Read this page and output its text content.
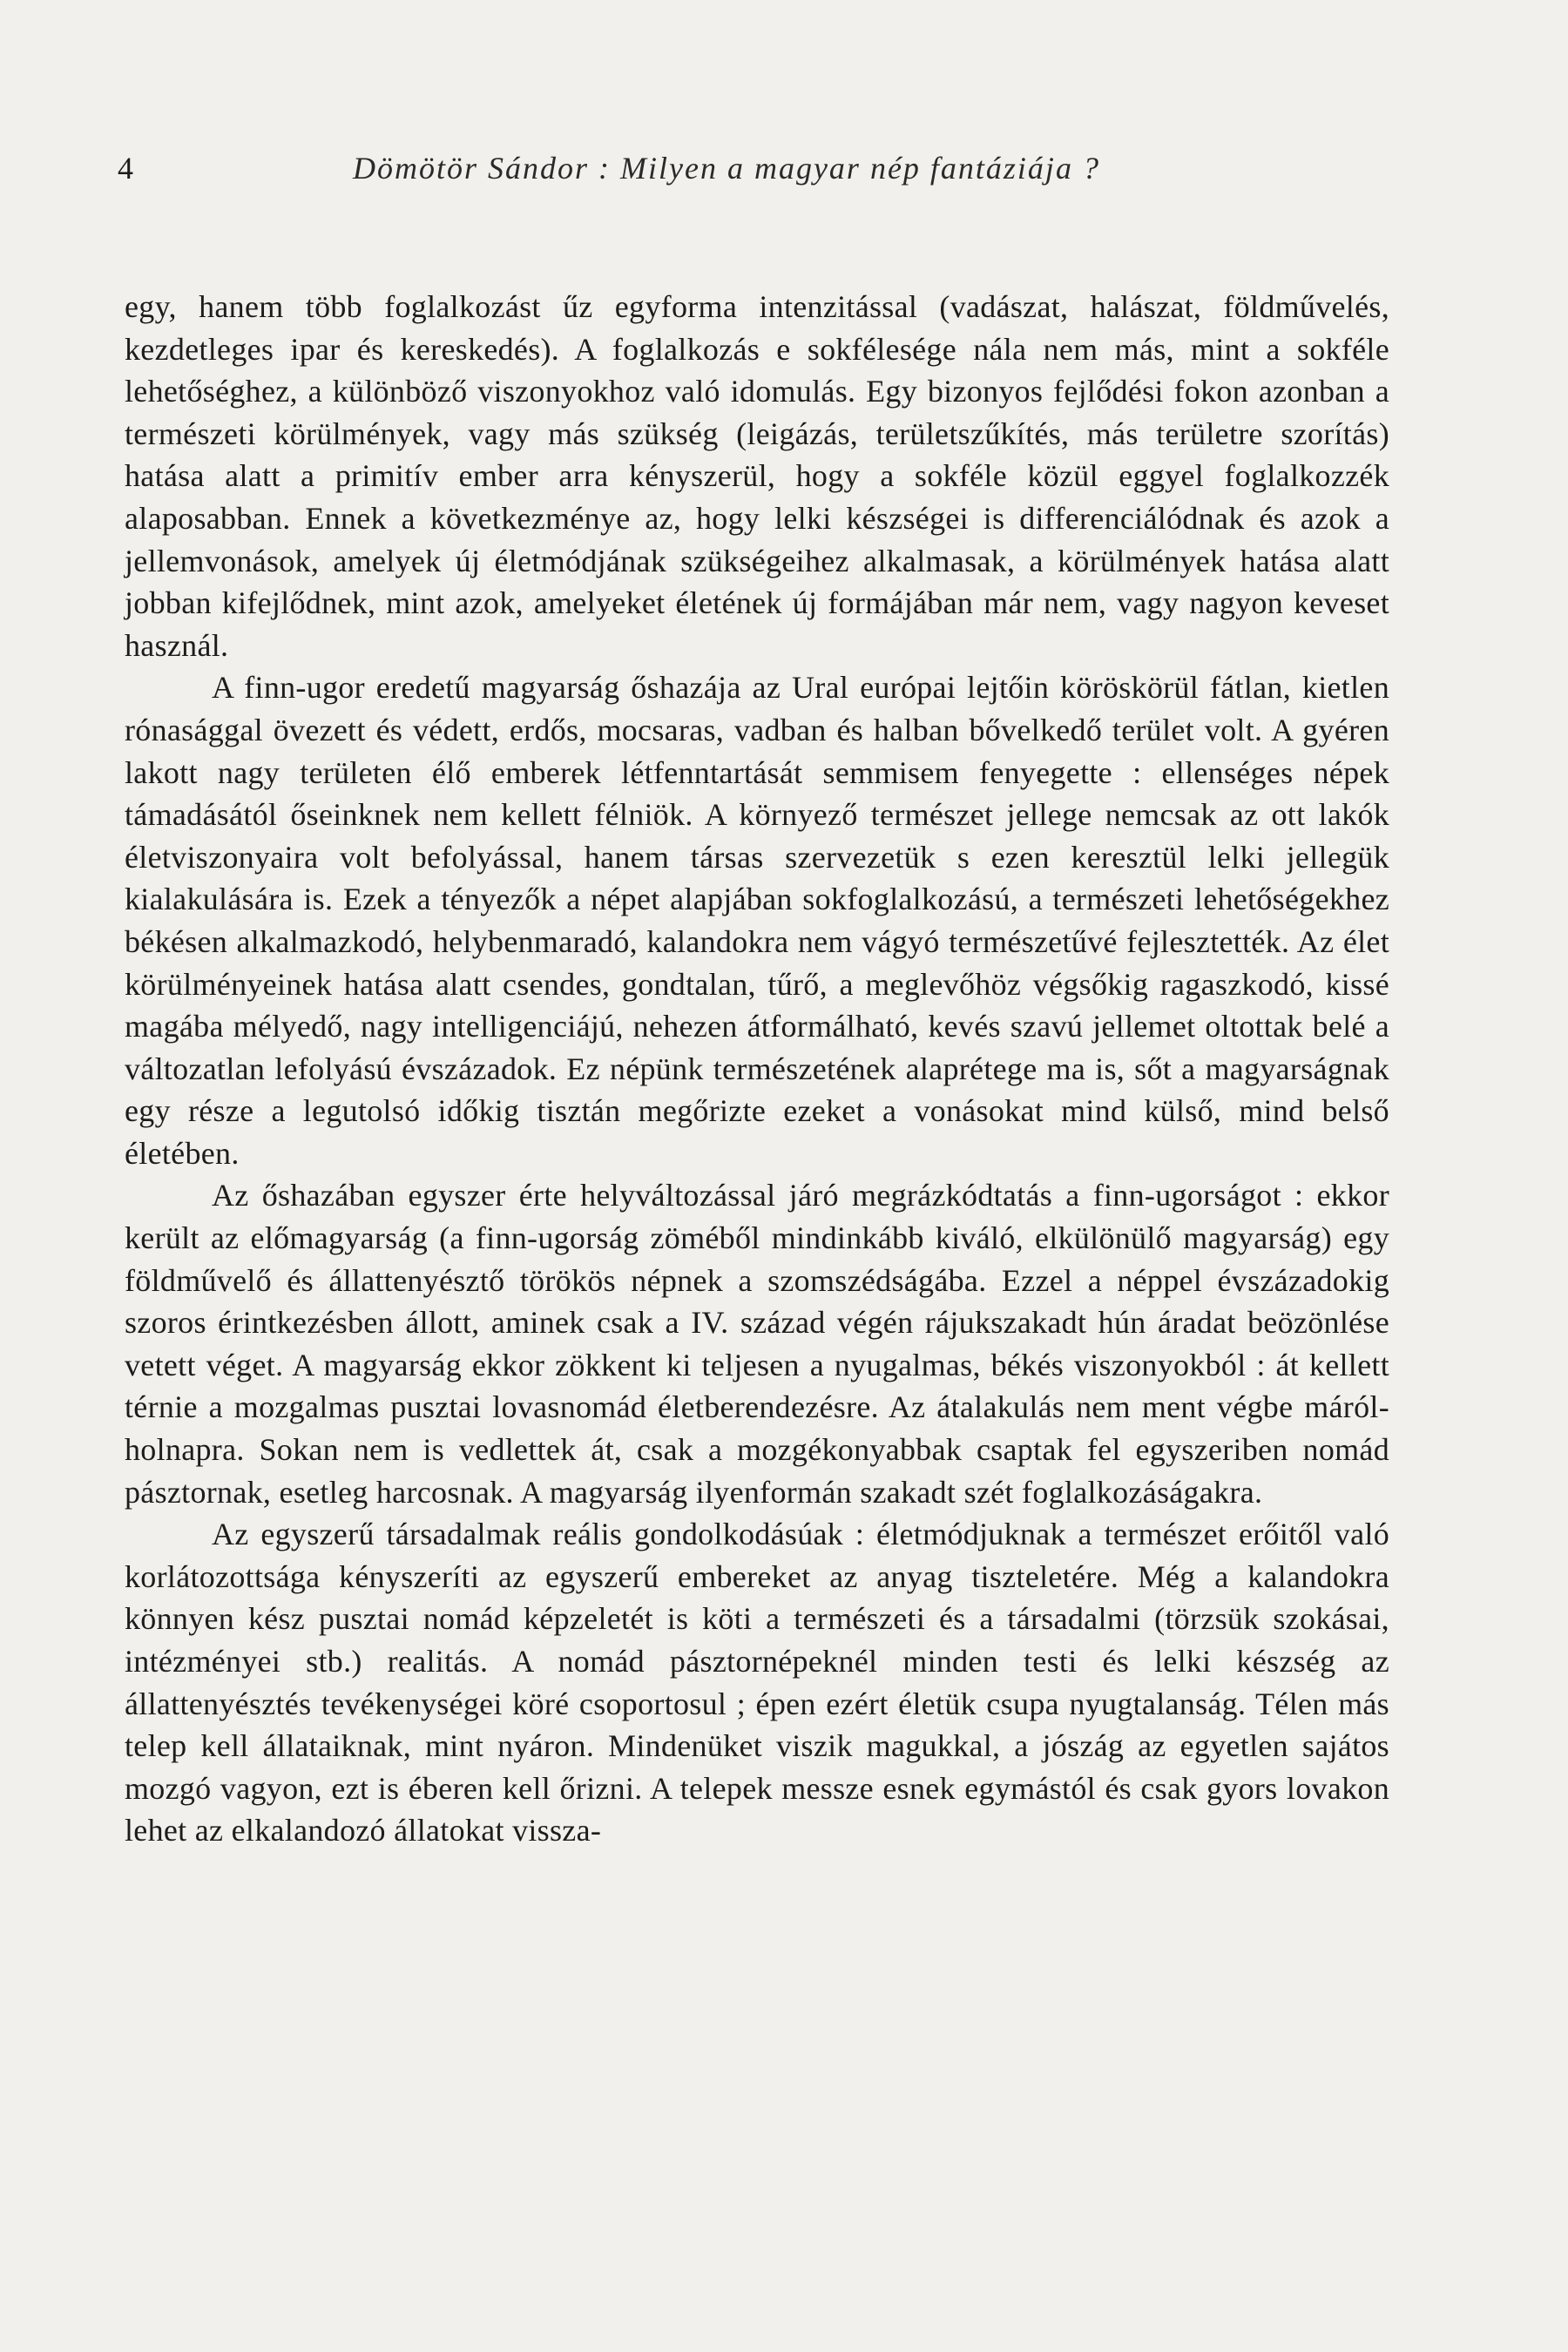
4	Dömötör Sándor : Milyen a magyar nép fantáziája ?

egy, hanem több foglalkozást űz egyforma intenzitással (vadászat, halászat, földművelés, kezdetleges ipar és kereskedés). A foglalkozás e sokfélesége nála nem más, mint a sokféle lehetőséghez, a különböző viszonyokhoz való idomulás. Egy bizonyos fejlődési fokon azonban a természeti körülmények, vagy más szükség (leigázás, területszűkítés, más területre szorítás) hatása alatt a primitív ember arra kényszerül, hogy a sokféle közül eggyel foglalkozzék alaposabban. Ennek a következménye az, hogy lelki készségei is differenciálódnak és azok a jellemvonások, amelyek új életmódjának szükségeihez alkalmasak, a körülmények hatása alatt jobban kifejlődnek, mint azok, amelyeket életének új formájában már nem, vagy nagyon keveset használ.

A finn-ugor eredetű magyarság őshazája az Ural európai lejtőin köröskörül fátlan, kietlen rónasággal övezett és védett, erdős, mocsaras, vadban és halban bővelkedő terület volt. A gyéren lakott nagy területen élő emberek létfenntartását semmisem fenyegette : ellenséges népek támadásától őseinknek nem kellett félniök. A környező természet jellege nemcsak az ott lakók életviszonyaira volt befolyással, hanem társas szervezetük s ezen keresztül lelki jellegük kialakulására is. Ezek a tényezők a népet alapjában sokfoglalkozású, a természeti lehetőségekhez békésen alkalmazkodó, helybenmaradó, kalandokra nem vágyó természetűvé fejlesztették. Az élet körülményeinek hatása alatt csendes, gondtalan, tűrő, a meglevőhöz végsőkig ragaszkodó, kissé magába mélyedő, nagy intelligenciájú, nehezen átformálható, kevés szavú jellemet oltottak belé a változatlan lefolyású évszázadok. Ez népünk természetének alaprétege ma is, sőt a magyarságnak egy része a legutolsó időkig tisztán megőrizte ezeket a vonásokat mind külső, mind belső életében.

Az őshazában egyszer érte helyváltozással járó megrázkódtatás a finn-ugorságot : ekkor került az előmagyarság (a finn-ugorság zöméből mindinkább kiváló, elkülönülő magyarság) egy földművelő és állattenyésztő törökös népnek a szomszédságába. Ezzel a néppel évszázadokig szoros érintkezésben állott, aminek csak a IV. század végén rájukszakadt hún áradat beözönlése vetett véget. A magyarság ekkor zökkent ki teljesen a nyugalmas, békés viszonyokból : át kellett térnie a mozgalmas pusztai lovasnomád életberendezésre. Az átalakulás nem ment végbe máról-holnapra. Sokan nem is vedlettek át, csak a mozgékonyabbak csaptak fel egyszeriben nomád pásztornak, esetleg harcosnak. A magyarság ilyenformán szakadt szét foglalkozáságakra.

Az egyszerű társadalmak reális gondolkodásúak : életmódjuknak a természet erőitől való korlátozottsága kényszeríti az egyszerű embereket az anyag tiszteletére. Még a kalandokra könnyen kész pusztai nomád képzeletét is köti a természeti és a társadalmi (törzsük szokásai, intézményei stb.) realitás. A nomád pásztornépeknél minden testi és lelki készség az állattenyésztés tevékenységei köré csoportosul ; épen ezért életük csupa nyugtalanság. Télen más telep kell állataiknak, mint nyáron. Mindenüket viszik magukkal, a jószág az egyetlen sajátos mozgó vagyon, ezt is éberen kell őrizni. A telepek messze esnek egymástól és csak gyors lovakon lehet az elkalandozó állatokat vissza-
